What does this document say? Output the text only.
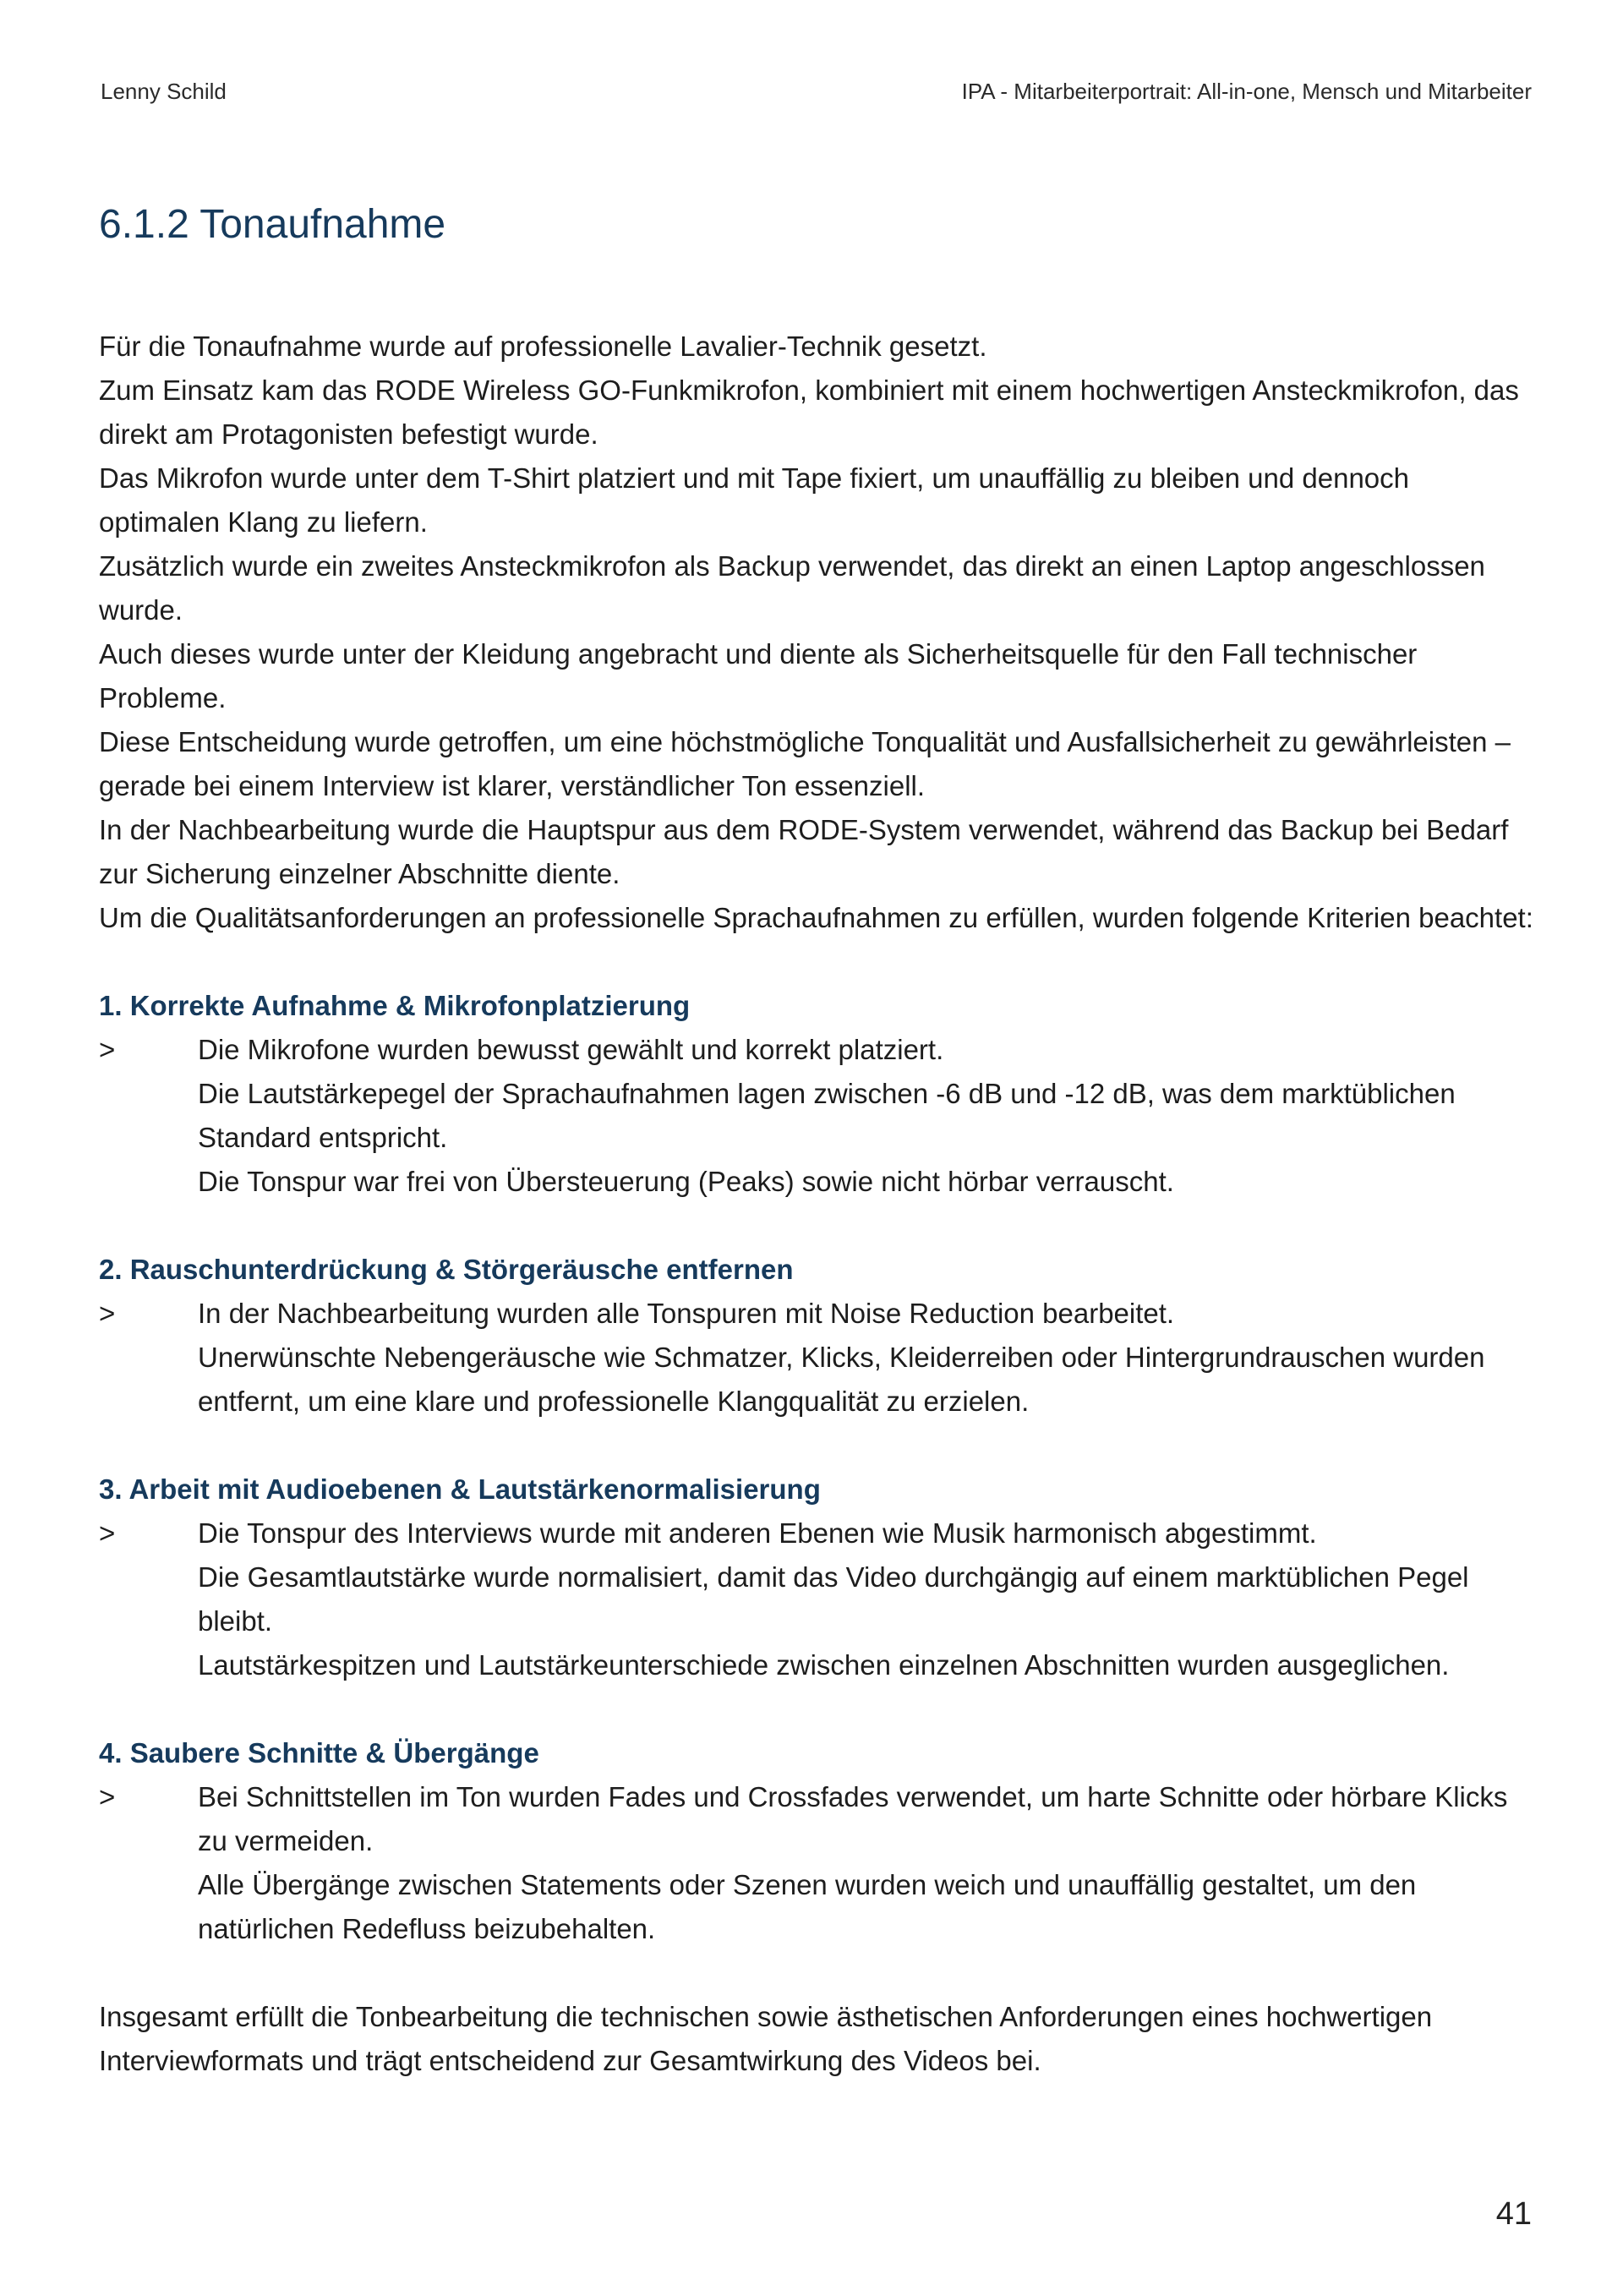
Lenny Schild	IPA - Mitarbeiterportrait: All-in-one, Mensch und Mitarbeiter
6.1.2 Tonaufnahme

Für die Tonaufnahme wurde auf professionelle Lavalier-Technik gesetzt.

Zum Einsatz kam das RODE Wireless GO-Funkmikrofon, kombiniert mit einem hochwertigen Ansteckmikrofon, das direkt am Protagonisten befestigt wurde.

Das Mikrofon wurde unter dem T-Shirt platziert und mit Tape fixiert, um unauffällig zu bleiben und dennoch optimalen Klang zu liefern.

Zusätzlich wurde ein zweites Ansteckmikrofon als Backup verwendet, das direkt an einen Laptop angeschlossen wurde.

Auch dieses wurde unter der Kleidung angebracht und diente als Sicherheitsquelle für den Fall technischer Probleme.

Diese Entscheidung wurde getroffen, um eine höchstmögliche Tonqualität und Ausfallsicherheit zu gewährleisten – gerade bei einem Interview ist klarer, verständlicher Ton essenziell.

In der Nachbearbeitung wurde die Hauptspur aus dem RODE-System verwendet, während das Backup bei Bedarf zur Sicherung einzelner Abschnitte diente.

Um die Qualitätsanforderungen an professionelle Sprachaufnahmen zu erfüllen, wurden folgende Kriterien beachtet:

1. Korrekte Aufnahme & Mikrofonplatzierung
>	Die Mikrofone wurden bewusst gewählt und korrekt platziert.

Die Lautstärkepegel der Sprachaufnahmen lagen zwischen -6 dB und -12 dB, was dem marktüblichen Standard entspricht.

Die Tonspur war frei von Übersteuerung (Peaks) sowie nicht hörbar verrauscht.

2. Rauschunterdrückung & Störgeräusche entfernen
>	In der Nachbearbeitung wurden alle Tonspuren mit Noise Reduction bearbeitet.

Unerwünschte Nebengeräusche wie Schmatzer, Klicks, Kleiderreiben oder Hintergrundrauschen wurden entfernt, um eine klare und professionelle Klangqualität zu erzielen.

3. Arbeit mit Audioebenen & Lautstärkenormalisierung
>	Die Tonspur des Interviews wurde mit anderen Ebenen wie Musik harmonisch abgestimmt.

Die Gesamtlautstärke wurde normalisiert, damit das Video durchgängig auf einem marktüblichen Pegel bleibt.

Lautstärkespitzen und Lautstärkeunterschiede zwischen einzelnen Abschnitten wurden ausgeglichen.

4. Saubere Schnitte & Übergänge
>	Bei Schnittstellen im Ton wurden Fades und Crossfades verwendet, um harte Schnitte oder hörbare Klicks zu vermeiden.

Alle Übergänge zwischen Statements oder Szenen wurden weich und unauffällig gestaltet, um den natürlichen Redefluss beizubehalten.

Insgesamt erfüllt die Tonbearbeitung die technischen sowie ästhetischen Anforderungen eines hochwertigen Interviewformats und trägt entscheidend zur Gesamtwirkung des Videos bei.

41
